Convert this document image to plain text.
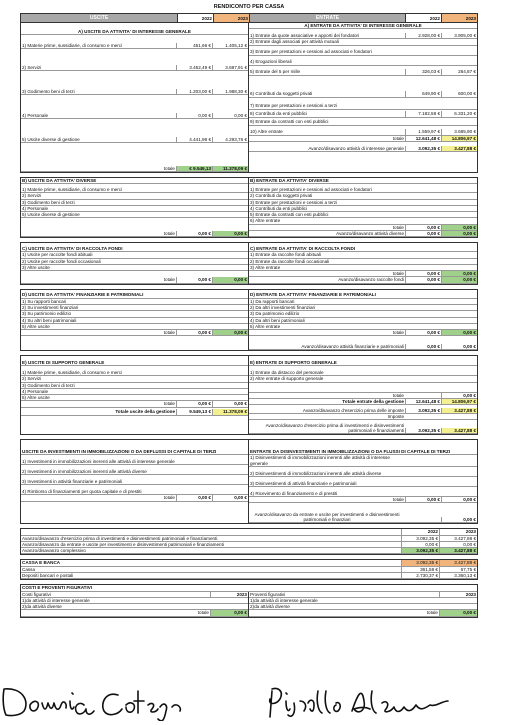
RENDICONTO PER CASSA
USCITE	2022	2023	ENTRATE	2022	2023
A) USCITE DA ATTIVITA' DI INTERESSE GENERALE
1) Materie prime, sussidiarie, di consumo e merci	451,66 €	1.405,12 €
2) Servizi	3.452,49 €	3.687,91 €
3) Godimento beni di terzi	1.203,00 €	1.988,30 €
4) Personale	0,00 €	0,00 €
5) Uscite diverse di gestione	4.441,98 €	4.293,76 €
totale	€ 9.549,13	11.378,09 €
A) ENTRATE DA ATTIVITA' DI INTERESSE GENERALE
1) Entrate da quote associative e apporti dei fondatori	2.928,00 €	3.905,00 €
2) Entrate dagli associati per attività mutuali
3) Entrate per prestazioni e cessioni ad associati e fondatori
4) Erogazioni liberali
5) Entrate del 5 per mille	326,03 €	284,87 €
6) Contributi da soggetti privati	649,90 €	600,00 €
7) Entrate per prestazioni e cessioni a terzi
8) Contributi da enti pubblici	7.182,58 €	6.331,20 €
9) Entrate da contratti con enti pubblici
10) Altre entrate	1.559,97 €	3.685,90 €
totale	12.641,48 €	14.806,97 €
Avanzo/disavanzo attività di interesse generale	3.092,35 €	3.427,88 €
B) USCITE DA ATTIVITA' DIVERSE
1) Materie prime, sussidiarie, di consumo e merci
2) Servizi
3) Godimento beni di terzi
4) Personale
5) Uscite diverse di gestione
totale	0,00 €	0,00 €
B) ENTRATE DA ATTIVITA' DIVERSE
1) Entrate per prestazioni e cessioni ad associati e fondatori
2) Contributi da soggetti privati
3) Entrate per prestazioni e cessioni a terzi
4) Contributi da enti pubblici
5) Entrate da contratti con enti pubblici
6) Altre entrate
totale	0,00 €	0,00 €
Avanzo/disavanzo attività diverse	0,00 €	0,00 €
C) USCITE DA ATTIVITA' DI RACCOLTA FONDI
1) Uscite per raccolte fondi abituali
2) Uscite per raccolte fondi occasionali
3) Altre uscite
totale	0,00 €	0,00 €
C) ENTRATE DA ATTIVITA' DI RACCOLTA FONDI
1) Entrate da raccolte fondi abituali
2) Entrate da raccolte fondi occasionali
3) Altre entrate
totale	0,00 €	0,00 €
Avanzo/disavanzo raccolte fondi	0,00 €	0,00 €
D) USCITE DA ATTIVITA' FINANZIARIE E PATRIMONIALI
1) Su rapporti bancari
2) Su investimenti finanziari
3) Su patrimonio edilizio
4) Su altri beni patrimoniali
5) Altre uscite
totale	0,00 €	0,00 €
D) ENTRATE DA ATTIVITA' FINANZIARIE E PATRIMONIALI
1) Da rapporti bancari
2) Da altri investimenti finanziari
3) Da patrimonio edilizio
4) Da altri beni patrimoniali
5) Altre entrate
totale	0,00 €	0,00 €
Avanzo/disavanzo attività finanziarie e patrimoniali	0,00 €	0,00 €
E) USCITE DI SUPPORTO GENERALE
1) Materie prime, sussidiarie, di consumo e merci
2) Servizi
3) Godimento beni di terzi
4) Personale
5) Altre uscite
totale	0,00 €	0,00 €
Totale uscite della gestione	9.549,13 €	11.378,09 €
E) ENTRATE DI SUPPORTO GENERALE
1) Entrate da distacco del personale
2) Altre entrate di supporto generale
totale	0,00 €
Totale entrate della gestione	12.641,48 €	14.806,97 €
Avanzo/disavanzo d'esercizio prima delle imposte	3.092,35 €	3.427,88 €
Imposte
Avanzo/disavanzo d'esercizio prima di investimenti e disinvestimenti patrimoniali e finanziamenti	3.092,35 €	3.427,88 €
USCITE DA INVESTIMENTI IN IMMOBILIZZAZIONI O DA DEFLUSSI DI CAPITALE DI TERZI
1) Investimenti in immobilizzazioni inerenti alle attività di interesse generale
2) Investimenti in immobilizzazioni inerenti alle attività diverse
3) Investimenti in attività finanziarie e patrimoniali
4) Rimborso di finanziamenti per quota capitale e di prestiti
totale	0,00 €	0,00 €
ENTRATE DA DISINVESTIMENTI IN IMMOBILIZZAZIONI O DA FLUSSI DI CAPITALE DI TERZI
1) Disinvestimenti di immobilizzazioni inerenti alle attività di interesse generale
2) Disinvestimenti di immobilizzazioni inerenti alle attività diverse
3) Disinvestimenti di attività finanziarie e patrimoniali
4) Ricevimento di finanziamenti e di prestiti
totale	0,00 €	0,00 €
Avanzo/disavanzo da entrate e uscite per investimenti e disinvestimenti patrimoniali e finanziari	0,00 €
2022	2023
Avanzo/disavanzo d'esercizio prima di investimenti e disinvestimenti patrimoniali e finanziamenti	3.092,35 €	3.427,88 €
Avanzo/disavanzo da entrate e uscite per investimenti e disinvestimenti patrimoniali e finanziamenti	0,00 €	0,00 €
Avanzo/disavanzo complessivo	3.092,35 €	3.427,88 €
CASSA E BANCA	3.092,35 €	3.427,88 €
Cassa	361,58 €	67,75 €
Depositi bancari e postali	2.730,37 €	3.360,13 €
COSTI E PROVENTI FIGURATIVI
Costi figurativi	2023
1)da attività di interesse generale
2)da attività diverse
totale	0,00 €
Proventi figurativi	2023
1)da attività di interesse generale
2)da attività diverse
totale	0,00 €
